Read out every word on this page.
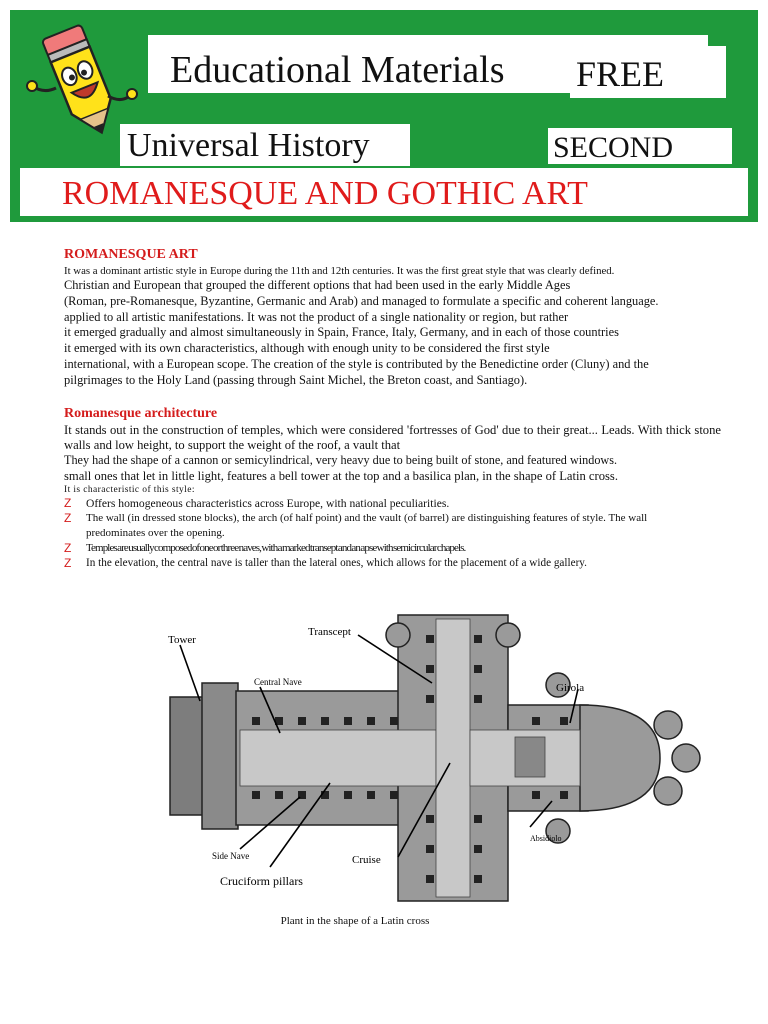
Educational Materials FREE
Universal History	SECOND
ROMANESQUE AND GOTHIC ART
ROMANESQUE ART

It was a dominant artistic style in Europe during the 11th and 12th centuries. It was the first great style that was clearly defined.

Christian and European that grouped the different options that had been used in the early Middle Ages

(Roman, pre-Romanesque, Byzantine, Germanic and Arab) and managed to formulate a specific and coherent language.

applied to all artistic manifestations. It was not the product of a single nationality or region, but rather

it emerged gradually and almost simultaneously in Spain, France, Italy, Germany, and in each of those countries

it emerged with its own characteristics, although with enough unity to be considered the first style

international, with a European scope. The creation of the style is contributed by the Benedictine order (Cluny) and the

pilgrimages to the Holy Land (passing through Saint Michel, the Breton coast, and Santiago).

Romanesque architecture

It stands out in the construction of temples, which were considered 'fortresses of God' due to their great... Leads. With thick stone walls and low height, to support the weight of the roof, a vault that

They had the shape of a cannon or semicylindrical, very heavy due to being built of stone, and featured windows.

small ones that let in little light, features a bell tower at the top and a basilica plan, in the shape of Latin cross.

It is characteristic of this style:
Z Offers homogeneous characteristics across Europe, with national peculiarities.
Z The wall (in dressed stone blocks), the arch (of half point) and the vault (of barrel) are distinguishing features of style. The wall predominates over the opening.
Z Temples are usually composed of one or three naves, with a marked transept and an apse with semicircular chapels.
Z In the elevation, the central nave is taller than the lateral ones, which allows for the placement of a wide gallery.
Tower
Transcept
Central Nave	Girola
Side Nave	Cruise
Absidiolo
Cruciform pillars
Plant in the shape of a Latin cross
